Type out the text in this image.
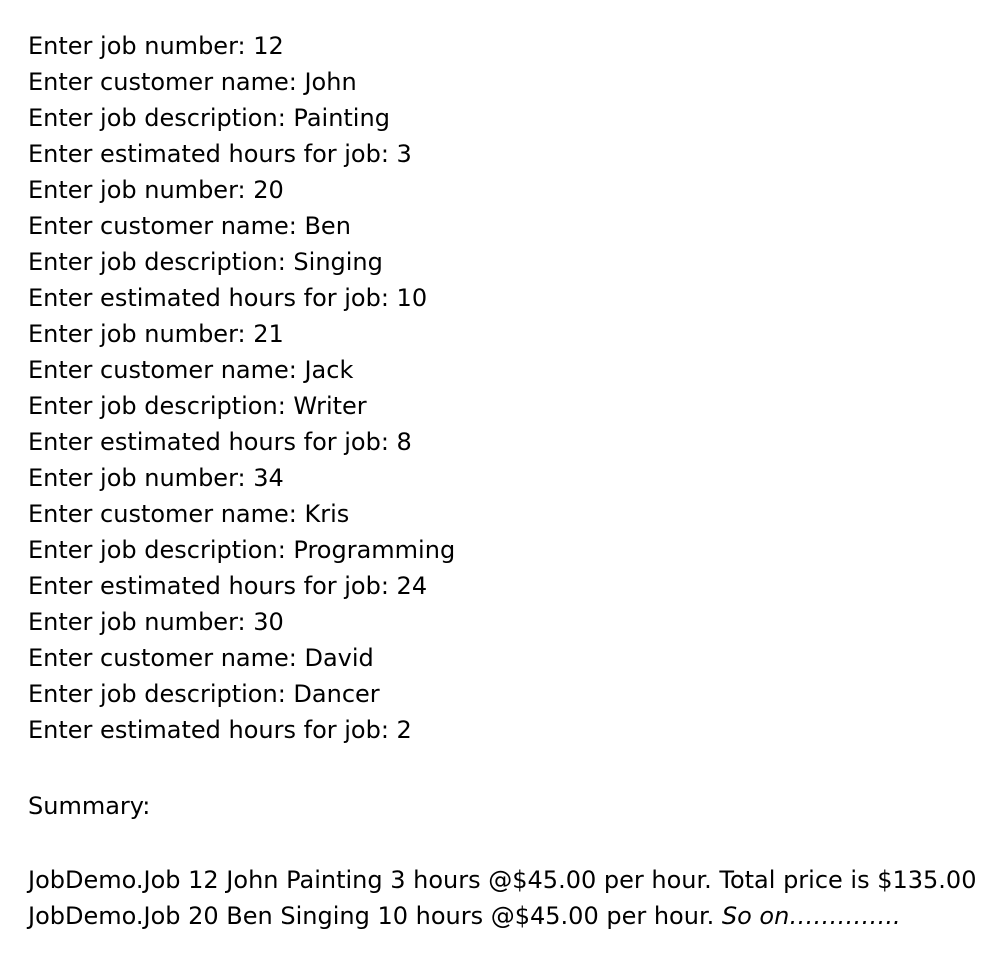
Enter job number: 12
Enter customer name: John
Enter job description: Painting
Enter estimated hours for job: 3
Enter job number: 20
Enter customer name: Ben
Enter job description: Singing
Enter estimated hours for job: 10
Enter job number: 21
Enter customer name: Jack
Enter job description: Writer
Enter estimated hours for job: 8
Enter job number: 34
Enter customer name: Kris
Enter job description: Programming
Enter estimated hours for job: 24
Enter job number: 30
Enter customer name: David
Enter job description: Dancer
Enter estimated hours for job: 2
Summary:
JobDemo.Job 12 John Painting 3 hours @$45.00 per hour. Total price is $135.00
JobDemo.Job 20 Ben Singing 10 hours @$45.00 per hour. So on…………..
